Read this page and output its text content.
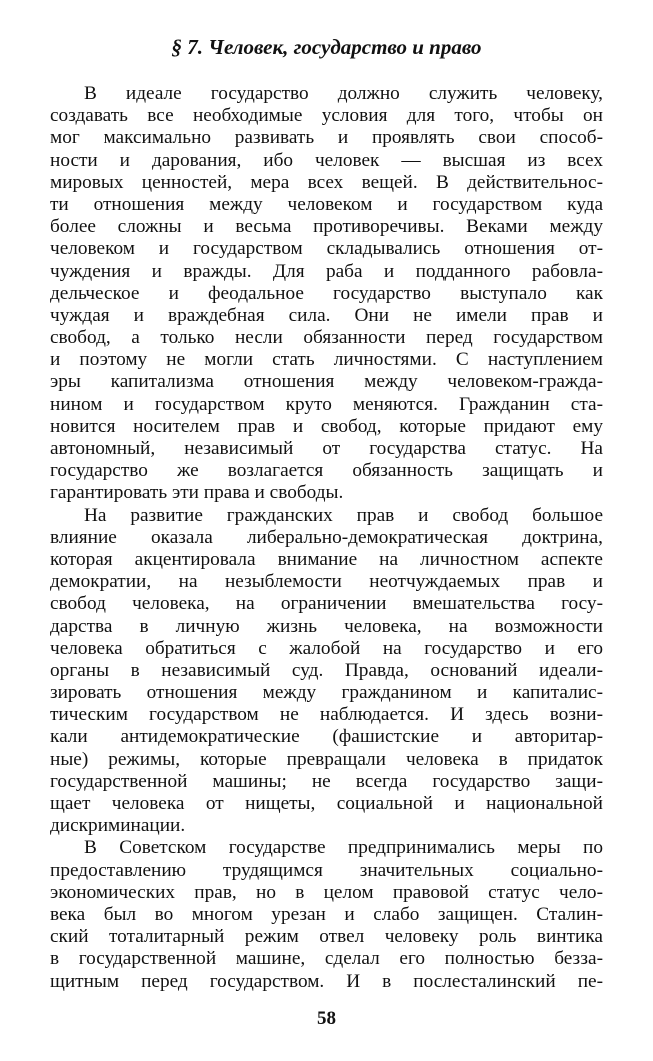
§ 7. Человек, государство и право
В идеале государство должно служить человеку,
создавать все необходимые условия для того, чтобы он
мог максимально развивать и проявлять свои способ-
ности и дарования, ибо человек — высшая из всех
мировых ценностей, мера всех вещей. В действительнос-
ти отношения между человеком и государством куда
более сложны и весьма противоречивы. Веками между
человеком и государством складывались отношения от-
чуждения и вражды. Для раба и подданного рабовла-
дельческое и феодальное государство выступало как
чуждая и враждебная сила. Они не имели прав и
свобод, а только несли обязанности перед государством
и поэтому не могли стать личностями. С наступлением
эры капитализма отношения между человеком-гражда-
нином и государством круто меняются. Гражданин ста-
новится носителем прав и свобод, которые придают ему
автономный, независимый от государства статус. На
государство же возлагается обязанность защищать и
гарантировать эти права и свободы.
На развитие гражданских прав и свобод большое
влияние оказала либерально-демократическая доктрина,
которая акцентировала внимание на личностном аспекте
демократии, на незыблемости неотчуждаемых прав и
свобод человека, на ограничении вмешательства госу-
дарства в личную жизнь человека, на возможности
человека обратиться с жалобой на государство и его
органы в независимый суд. Правда, оснований идеали-
зировать отношения между гражданином и капиталис-
тическим государством не наблюдается. И здесь возни-
кали антидемократические (фашистские и авторитар-
ные) режимы, которые превращали человека в придаток
государственной машины; не всегда государство защи-
щает человека от нищеты, социальной и национальной
дискриминации.
В Советском государстве предпринимались меры по
предоставлению трудящимся значительных социально-
экономических прав, но в целом правовой статус чело-
века был во многом урезан и слабо защищен. Сталин-
ский тоталитарный режим отвел человеку роль винтика
в государственной машине, сделал его полностью безза-
щитным перед государством. И в послесталинский пе-
58
